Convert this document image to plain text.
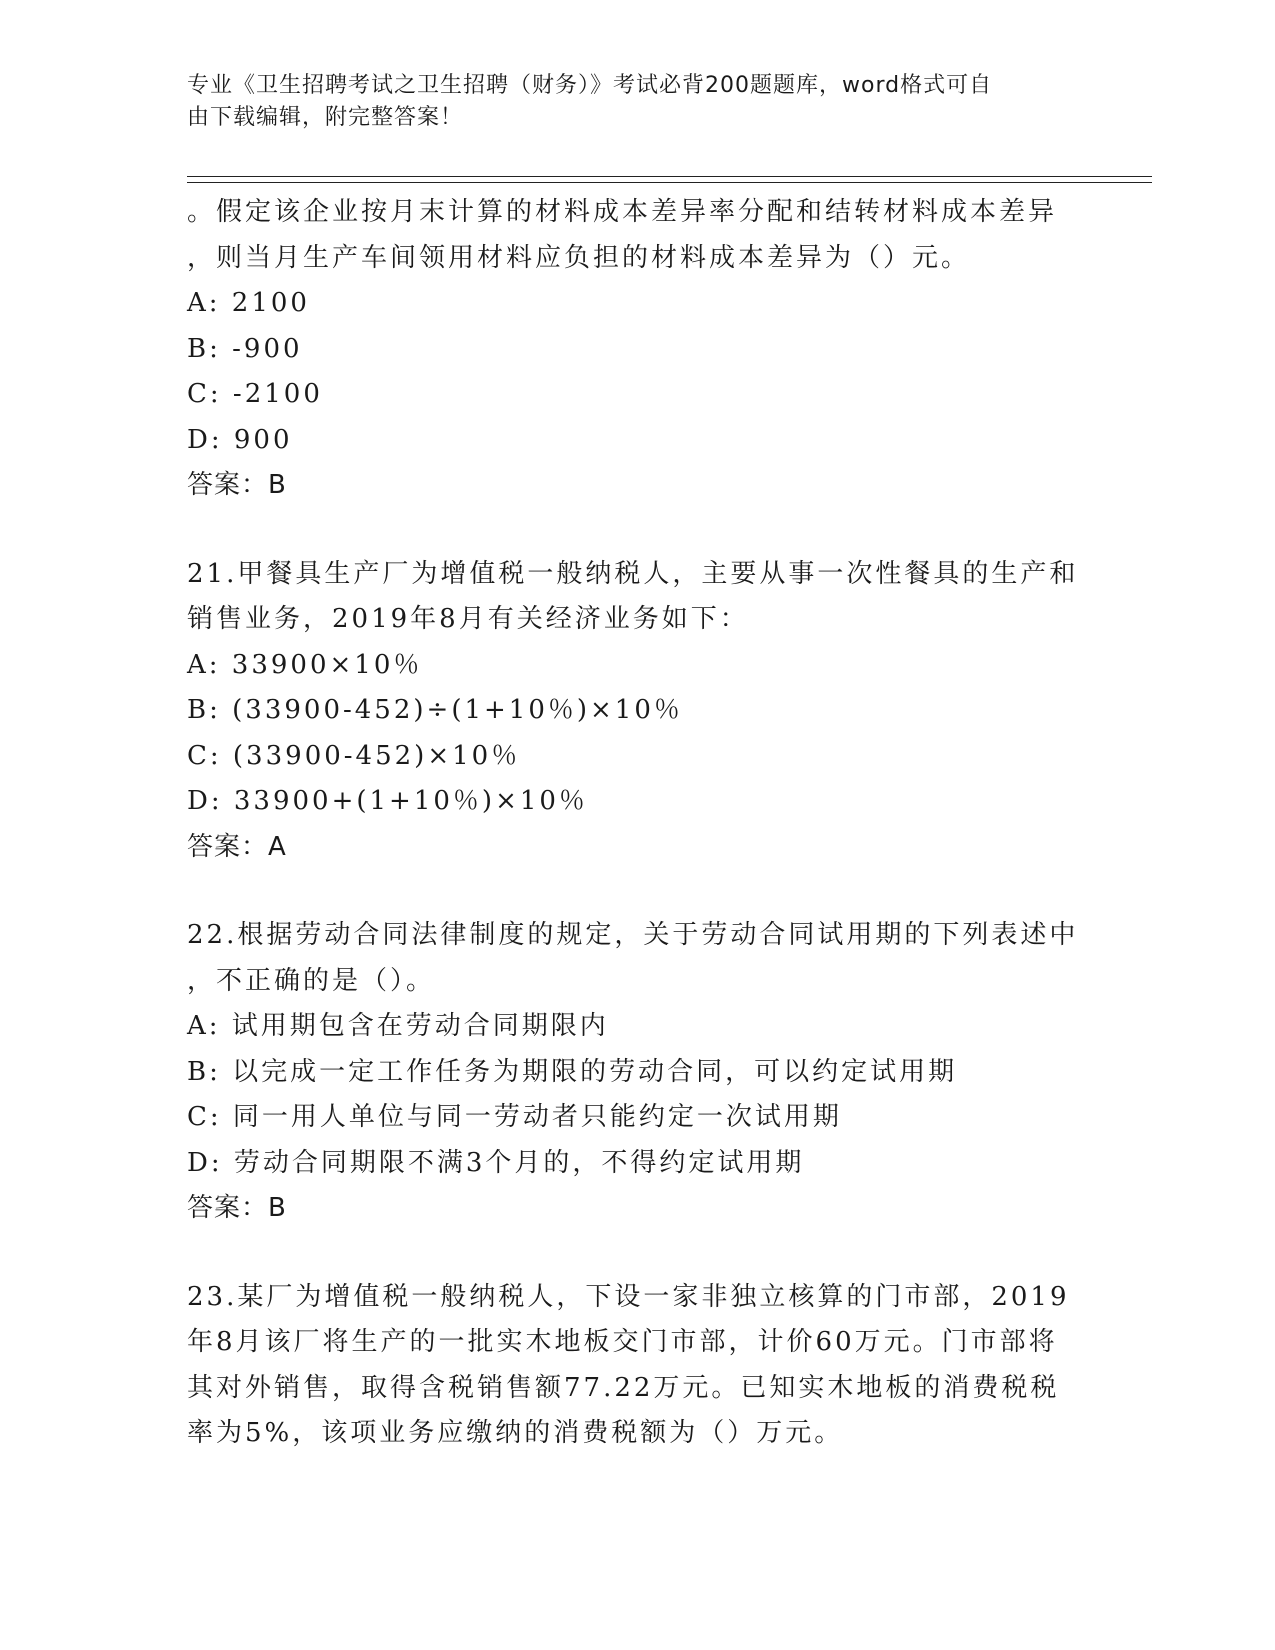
专业《卫生招聘考试之卫生招聘（财务）》考试必背200题题库，word格式可自
由下载编辑，附完整答案！
。假定该企业按月末计算的材料成本差异率分配和结转材料成本差异
，则当月生产车间领用材料应负担的材料成本差异为（）元。
A: 2100
B: -900
C: -2100
D: 900
答案：B
21.甲餐具生产厂为增值税一般纳税人，主要从事一次性餐具的生产和
销售业务，2019年8月有关经济业务如下：
A: 33900×10％
B: (33900-452)÷(1+10％)×10％
C: (33900-452)×10％
D: 33900+(1+10％)×10％
答案：A
22.根据劳动合同法律制度的规定，关于劳动合同试用期的下列表述中
，不正确的是（）。
A: 试用期包含在劳动合同期限内
B: 以完成一定工作任务为期限的劳动合同，可以约定试用期
C: 同一用人单位与同一劳动者只能约定一次试用期
D: 劳动合同期限不满3个月的，不得约定试用期
答案：B
23.某厂为增值税一般纳税人，下设一家非独立核算的门市部，2019
年8月该厂将生产的一批实木地板交门市部，计价60万元。门市部将
其对外销售，取得含税销售额77.22万元。已知实木地板的消费税税
率为5%，该项业务应缴纳的消费税额为（）万元。
